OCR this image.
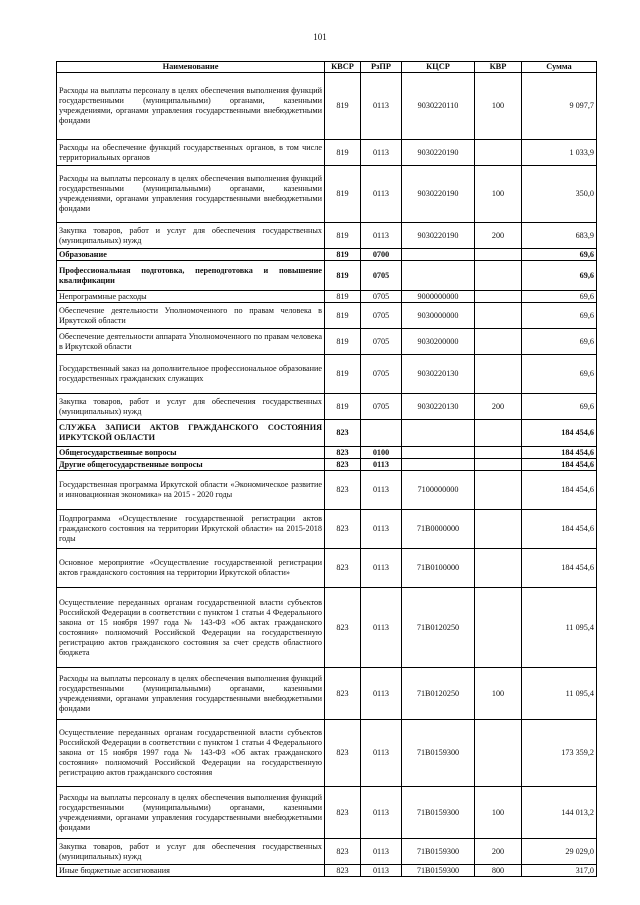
101
Наименование	КВСР	РзПР	КЦСР	КВР	Сумма
Расходы на выплаты персоналу в целях обеспечения выполнения функций государственными (муниципальными) органами, казенными учреждениями, органами управления государственными внебюджетными фондами	819	0113	9030220110	100	9 097,7
Расходы на обеспечение функций государственных органов, в том числе территориальных органов	819	0113	9030220190		1 033,9
Расходы на выплаты персоналу в целях обеспечения выполнения функций государственными (муниципальными) органами, казенными учреждениями, органами управления государственными внебюджетными фондами	819	0113	9030220190	100	350,0
Закупка товаров, работ и услуг для обеспечения государственных (муниципальных) нужд	819	0113	9030220190	200	683,9
Образование	819	0700			69,6
Профессиональная подготовка, переподготовка и повышение квалификации	819	0705			69,6
Непрограммные расходы	819	0705	9000000000		69,6
Обеспечение деятельности Уполномоченного по правам человека в Иркутской области	819	0705	9030000000		69,6
Обеспечение деятельности аппарата Уполномоченного по правам человека в Иркутской области	819	0705	9030200000		69,6
Государственный заказ на дополнительное профессиональное образование государственных гражданских служащих	819	0705	9030220130		69,6
Закупка товаров, работ и услуг для обеспечения государственных (муниципальных) нужд	819	0705	9030220130	200	69,6
СЛУЖБА ЗАПИСИ АКТОВ ГРАЖДАНСКОГО СОСТОЯНИЯ ИРКУТСКОЙ ОБЛАСТИ	823				184 454,6
Общегосударственные вопросы	823	0100			184 454,6
Другие общегосударственные вопросы	823	0113			184 454,6
Государственная программа Иркутской области «Экономическое развитие и инновационная экономика» на 2015 - 2020 годы	823	0113	7100000000		184 454,6
Подпрограмма «Осуществление государственной регистрации актов гражданского состояния на территории Иркутской области» на 2015-2018 годы	823	0113	71В0000000		184 454,6
Основное мероприятие «Осуществление государственной регистрации актов гражданского состояния на территории Иркутской области»	823	0113	71В0100000		184 454,6
Осуществление переданных органам государственной власти субъектов Российской Федерации в соответствии с пунктом 1 статьи 4 Федерального закона от 15 ноября 1997 года № 143-ФЗ «Об актах гражданского состояния» полномочий Российской Федерации на государственную регистрацию актов гражданского состояния за счет средств областного бюджета	823	0113	71В0120250		11 095,4
Расходы на выплаты персоналу в целях обеспечения выполнения функций государственными (муниципальными) органами, казенными учреждениями, органами управления государственными внебюджетными фондами	823	0113	71В0120250	100	11 095,4
Осуществление переданных органам государственной власти субъектов Российской Федерации в соответствии с пунктом 1 статьи 4 Федерального закона от 15 ноября 1997 года № 143-ФЗ «Об актах гражданского состояния» полномочий Российской Федерации на государственную регистрацию актов гражданского состояния	823	0113	71В0159300		173 359,2
Расходы на выплаты персоналу в целях обеспечения выполнения функций государственными (муниципальными) органами, казенными учреждениями, органами управления государственными внебюджетными фондами	823	0113	71В0159300	100	144 013,2
Закупка товаров, работ и услуг для обеспечения государственных (муниципальных) нужд	823	0113	71В0159300	200	29 029,0
Иные бюджетные ассигнования	823	0113	71В0159300	800	317,0
